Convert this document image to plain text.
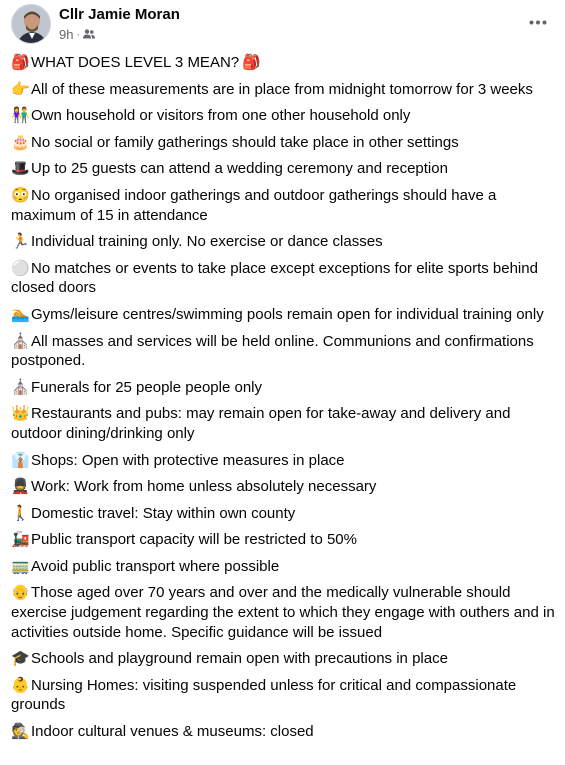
Cllr Jamie Moran
9h ·
🎒WHAT DOES LEVEL 3 MEAN? 🎒
👉All of these measurements are in place from midnight tomorrow for 3 weeks
👫Own household or visitors from one other household only
🎂No social or family gatherings should take place in other settings
🎩Up to 25 guests can attend a wedding ceremony and reception
😳No organised indoor gatherings and outdoor gatherings should have a maximum of 15 in attendance
🏃Individual training only. No exercise or dance classes
⚪No matches or events to take place except exceptions for elite sports behind closed doors
🏊Gyms/leisure centres/swimming pools remain open for individual training only
⛪All masses and services will be held online. Communions and confirmations postponed.
⛪Funerals for 25 people people only
👑Restaurants and pubs: may remain open for take-away and delivery and outdoor dining/drinking only
👔Shops: Open with protective measures in place
💂Work: Work from home unless absolutely necessary
🚶Domestic travel: Stay within own county
🚂Public transport capacity will be restricted to 50%
🚃Avoid public transport where possible
👴Those aged over 70 years and over and the medically vulnerable should exercise judgement regarding the extent to which they engage with outhers and in activities outside home. Specific guidance will be issued
🎓Schools and playground remain open with precautions in place
👶Nursing Homes: visiting suspended unless for critical and compassionate grounds
🕵Indoor cultural venues & museums: closed
